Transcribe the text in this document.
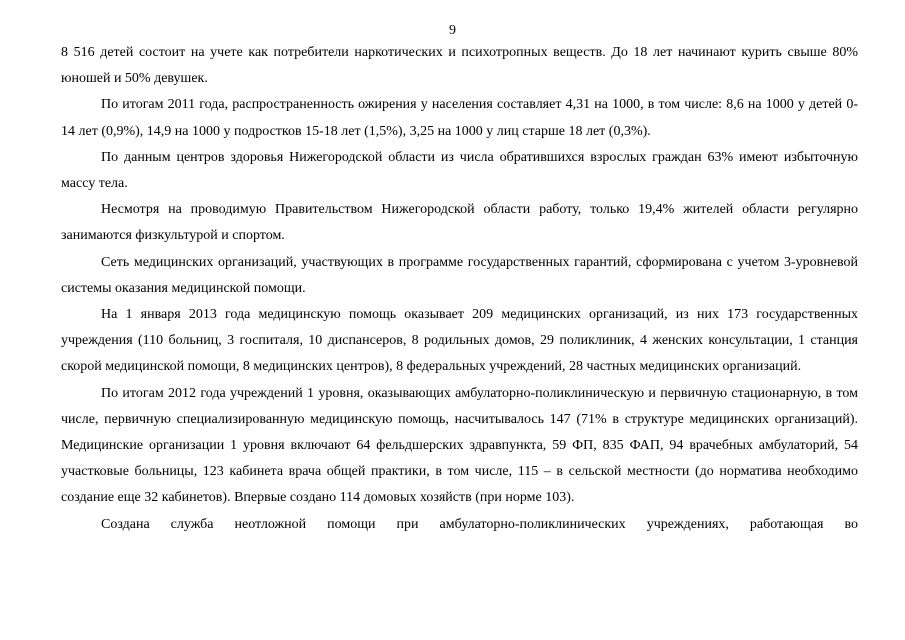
9

8 516 детей состоит на учете как потребители наркотических и психотропных веществ. До 18 лет начинают курить свыше 80% юношей и 50% девушек.

По итогам 2011 года, распространенность ожирения у населения составляет 4,31 на 1000, в том числе: 8,6 на 1000 у детей 0-14 лет (0,9%), 14,9 на 1000 у подростков 15-18 лет (1,5%), 3,25 на 1000 у лиц старше 18 лет (0,3%).

По данным центров здоровья Нижегородской области из числа обратившихся взрослых граждан 63% имеют избыточную массу тела.

Несмотря на проводимую Правительством Нижегородской области работу, только 19,4% жителей области регулярно занимаются физкультурой и спортом.

Сеть медицинских организаций, участвующих в программе государственных гарантий, сформирована с учетом 3-уровневой системы оказания медицинской помощи.

На 1 января 2013 года медицинскую помощь оказывает 209 медицинских организаций, из них 173 государственных учреждения (110 больниц, 3 госпиталя, 10 диспансеров, 8 родильных домов, 29 поликлиник, 4 женских консультации, 1 станция скорой медицинской помощи, 8 медицинских центров), 8 федеральных учреждений, 28 частных медицинских организаций.

По итогам 2012 года учреждений 1 уровня, оказывающих амбулаторно-поликлиническую и первичную стационарную, в том числе, первичную специализированную медицинскую помощь, насчитывалось 147 (71% в структуре медицинских организаций). Медицинские организации 1 уровня включают 64 фельдшерских здравпункта, 59 ФП, 835 ФАП, 94 врачебных амбулаторий, 54 участковые больницы, 123 кабинета врача общей практики, в том числе, 115 – в сельской местности (до норматива необходимо создание еще 32 кабинетов). Впервые создано 114 домовых хозяйств (при норме 103).

Создана служба неотложной помощи при амбулаторно-поликлинических учреждениях, работающая во
